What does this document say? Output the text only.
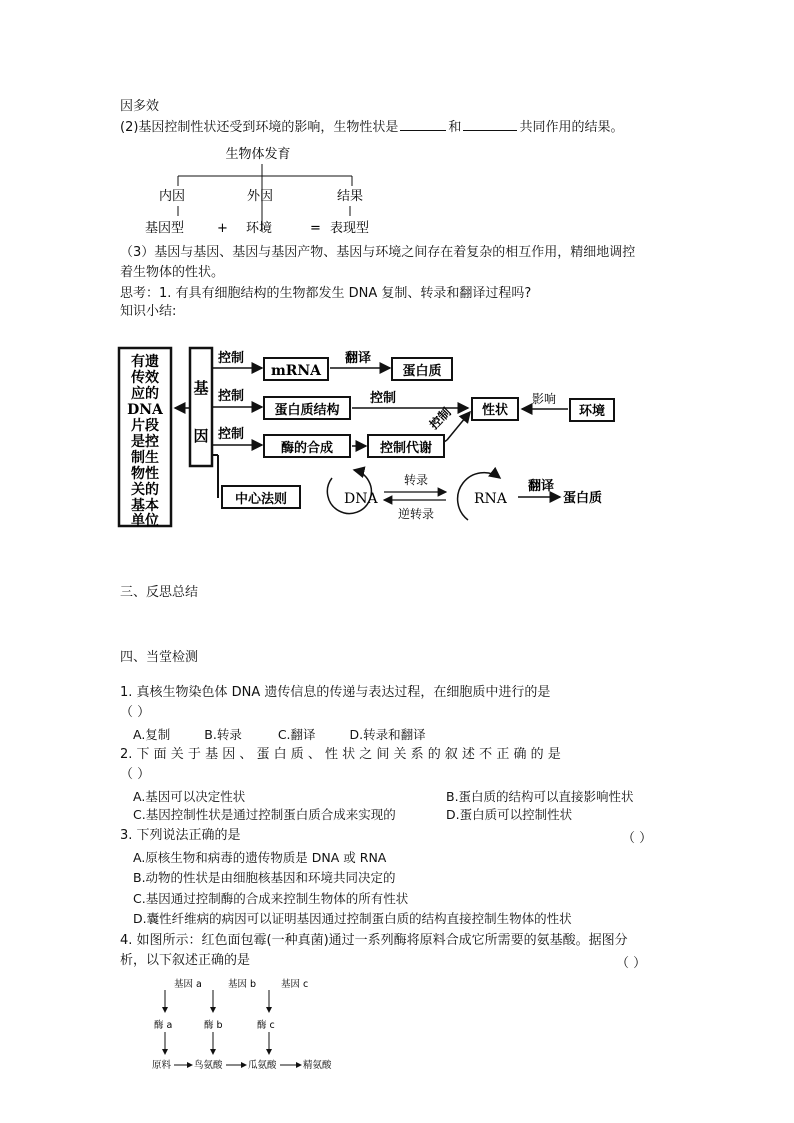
因多效
(2)基因控制性状还受到环境的影响，生物性状是	和	共同作用的结果。
生物体发育
内因	外因	结果
基因型	+ 环境	= 表现型
（3）基因与基因、基因与基因产物、基因与环境之间存在着复杂的相互作用，精细地调控
着生物体的性状。
思考：1. 有具有细胞结构的生物都发生 DNA 复制、转录和翻译过程吗?
知识小结:
有遗
传效
应的
DNA
片段
是控
制生
物性
关的
基本
单位
基
因
控制
mRNA
翻译
蛋白质
控制
蛋白质结构
控制
控制 性状
影响
环境
控制
酶的合成	控制代谢
中心法则	DNA
转录
逆转录
RNA
翻译
蛋白质
三、反思总结
四、当堂检测
1. 真核生物染色体 DNA 遗传信息的传递与表达过程，在细胞质中进行的是
（ ）
A.复制	B.转录	C.翻译	D.转录和翻译
2. 下 面 关 于 基 因 、 蛋 白 质 、 性 状 之 间 关 系 的 叙 述 不 正 确 的 是
（ ）
A.基因可以决定性状	B.蛋白质的结构可以直接影响性状
C.基因控制性状是通过控制蛋白质合成来实现的	D.蛋白质可以控制性状
3. 下列说法正确的是	（ ）
A.原核生物和病毒的遗传物质是 DNA 或 RNA
B.动物的性状是由细胞核基因和环境共同决定的
C.基因通过控制酶的合成来控制生物体的所有性状
D.囊性纤维病的病因可以证明基因通过控制蛋白质的结构直接控制生物体的性状
4. 如图所示：红色面包霉(一种真菌)通过一系列酶将原料合成它所需要的氨基酸。据图分
析，以下叙述正确的是	（ ）
基因 a	基因 b	基因 c
酶 a	酶 b	酶 c
原料 鸟氨酸	瓜氨酸	精氨酸
